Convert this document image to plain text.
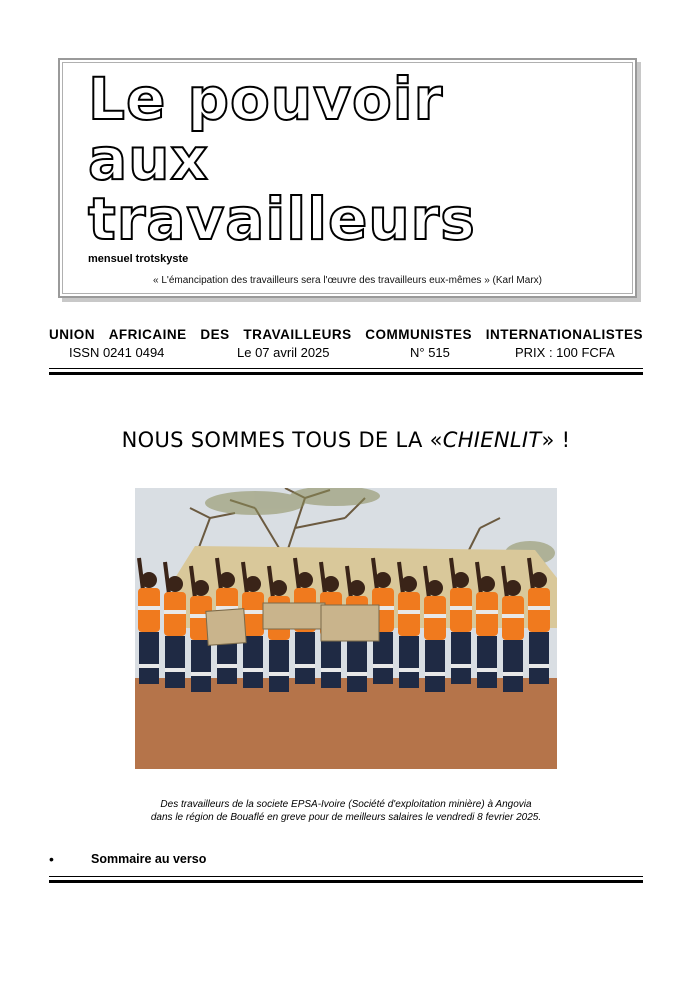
Le pouvoir
aux
travailleurs

mensuel trotskyste

« L'émancipation des travailleurs sera l'œuvre des travailleurs eux-mêmes » (Karl Marx)

UNION AFRICAINE DES TRAVAILLEURS COMMUNISTES INTERNATIONALISTES
ISSN 0241 0494	Le 07 avril 2025	N° 515	PRIX : 100 FCFA
NOUS SOMMES TOUS DE LA «CHIENLIT» !

Des travailleurs de la societe EPSA-Ivoire (Société d'exploitation minière) à Angovia
dans le région de Bouaflé en greve pour de meilleurs salaires le vendredi 8 fevrier 2025.

•	Sommaire au verso
